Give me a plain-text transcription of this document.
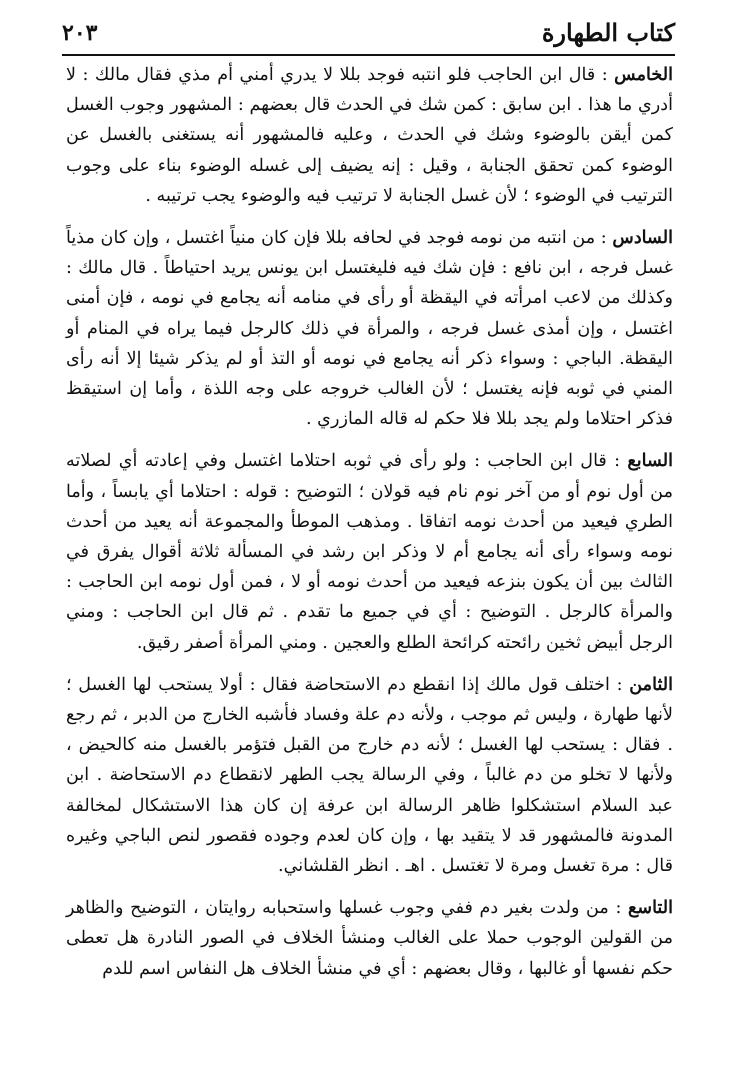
٢٠٣	كتاب الطهارة

الخامس : قال ابن الحاجب فلو انتبه فوجد بللا لا يدري أمني أم مذي فقال مالك : لا أدري ما هذا . ابن سابق : كمن شك في الحدث قال بعضهم : المشهور وجوب الغسل كمن أيقن بالوضوء وشك في الحدث ، وعليه فالمشهور أنه يستغنى بالغسل عن الوضوء كمن تحقق الجنابة ، وقيل : إنه يضيف إلى غسله الوضوء بناء على وجوب الترتيب في الوضوء ؛ لأن غسل الجنابة لا ترتيب فيه والوضوء يجب ترتيبه .

السادس : من انتبه من نومه فوجد في لحافه بللا فإن كان منياً اغتسل ، وإن كان مذياً غسل فرجه ، ابن نافع : فإن شك فيه فليغتسل ابن يونس يريد احتياطاً . قال مالك : وكذلك من لاعب امرأته في اليقظة أو رأى في منامه أنه يجامع في نومه ، فإن أمنى اغتسل ، وإن أمذى غسل فرجه ، والمرأة في ذلك كالرجل فيما يراه في المنام أو اليقظة. الباجي : وسواء ذكر أنه يجامع في نومه أو التذ أو لم يذكر شيئا إلا أنه رأى المني في ثوبه فإنه يغتسل ؛ لأن الغالب خروجه على وجه اللذة ، وأما إن استيقظ فذكر احتلاما ولم يجد بللا فلا حكم له قاله المازري .

السابع : قال ابن الحاجب : ولو رأى في ثوبه احتلاما اغتسل وفي إعادته أي لصلاته من أول نوم أو من آخر نوم نام فيه قولان ؛ التوضيح : قوله : احتلاما أي يابساً ، وأما الطري فيعيد من أحدث نومه اتفاقا . ومذهب الموطأ والمجموعة أنه يعيد من أحدث نومه وسواء رأى أنه يجامع أم لا وذكر ابن رشد في المسألة ثلاثة أقوال يفرق في الثالث بين أن يكون بنزعه فيعيد من أحدث نومه أو لا ، فمن أول نومه ابن الحاجب : والمرأة كالرجل . التوضيح : أي في جميع ما تقدم . ثم قال ابن الحاجب : ومني الرجل أبيض ثخين رائحته كرائحة الطلع والعجين . ومني المرأة أصفر رقيق.

الثامن : اختلف قول مالك إذا انقطع دم الاستحاضة فقال : أولا يستحب لها الغسل ؛ لأنها طهارة ، وليس ثم موجب ، ولأنه دم علة وفساد فأشبه الخارج من الدبر ، ثم رجع . فقال : يستحب لها الغسل ؛ لأنه دم خارج من القبل فتؤمر بالغسل منه كالحيض ، ولأنها لا تخلو من دم غالباً ، وفي الرسالة يجب الطهر لانقطاع دم الاستحاضة . ابن عبد السلام استشكلوا ظاهر الرسالة ابن عرفة إن كان هذا الاستشكال لمخالفة المدونة فالمشهور قد لا يتقيد بها ، وإن كان لعدم وجوده فقصور لنص الباجي وغيره قال : مرة تغسل ومرة لا تغتسل . اهـ . انظر القلشاني.

التاسع : من ولدت بغير دم ففي وجوب غسلها واستحبابه روايتان ، التوضيح والظاهر من القولين الوجوب حملا على الغالب ومنشأ الخلاف في الصور النادرة هل تعطى حكم نفسها أو غالبها ، وقال بعضهم : أي في منشأ الخلاف هل النفاس اسم للدم
